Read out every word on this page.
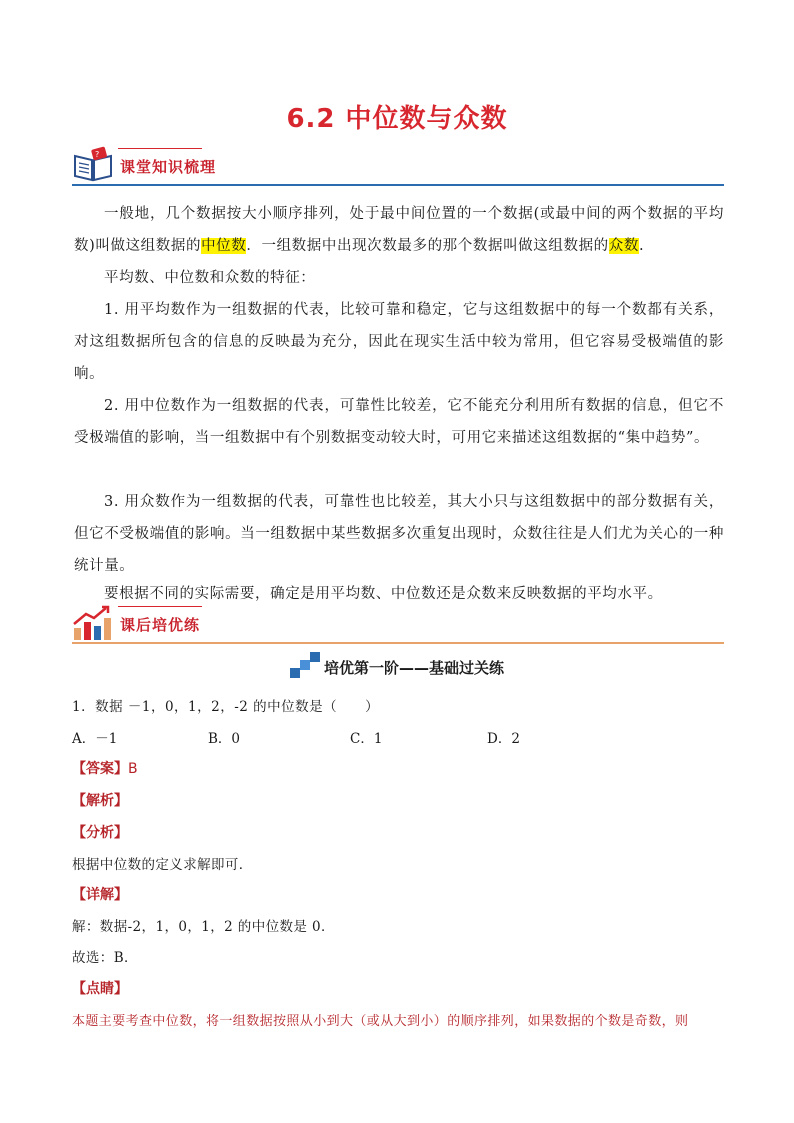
6.2 中位数与众数
?
课堂知识梳理
一般地，几个数据按大小顺序排列，处于最中间位置的一个数据(或最中间的两个数据的平均数)叫做这组数据的中位数．一组数据中出现次数最多的那个数据叫做这组数据的众数.
平均数、中位数和众数的特征：
1. 用平均数作为一组数据的代表，比较可靠和稳定，它与这组数据中的每一个数都有关系，对这组数据所包含的信息的反映最为充分，因此在现实生活中较为常用，但它容易受极端值的影响。
2. 用中位数作为一组数据的代表，可靠性比较差，它不能充分利用所有数据的信息，但它不受极端值的影响，当一组数据中有个别数据变动较大时，可用它来描述这组数据的“集中趋势”。
3. 用众数作为一组数据的代表，可靠性也比较差，其大小只与这组数据中的部分数据有关，但它不受极端值的影响。当一组数据中某些数据多次重复出现时，众数往往是人们尤为关心的一种统计量。
要根据不同的实际需要，确定是用平均数、中位数还是众数来反映数据的平均水平。
课后培优练
培优第一阶——基础过关练
1．数据 －1，0，1，2，-2 的中位数是（　　）
A．－1	B．0	C．1	D．2
【答案】B
【解析】
【分析】
根据中位数的定义求解即可．
【详解】
解：数据-2，1，0，1，2 的中位数是 0．
故选：B．
【点睛】
本题主要考查中位数，将一组数据按照从小到大（或从大到小）的顺序排列，如果数据的个数是奇数，则
